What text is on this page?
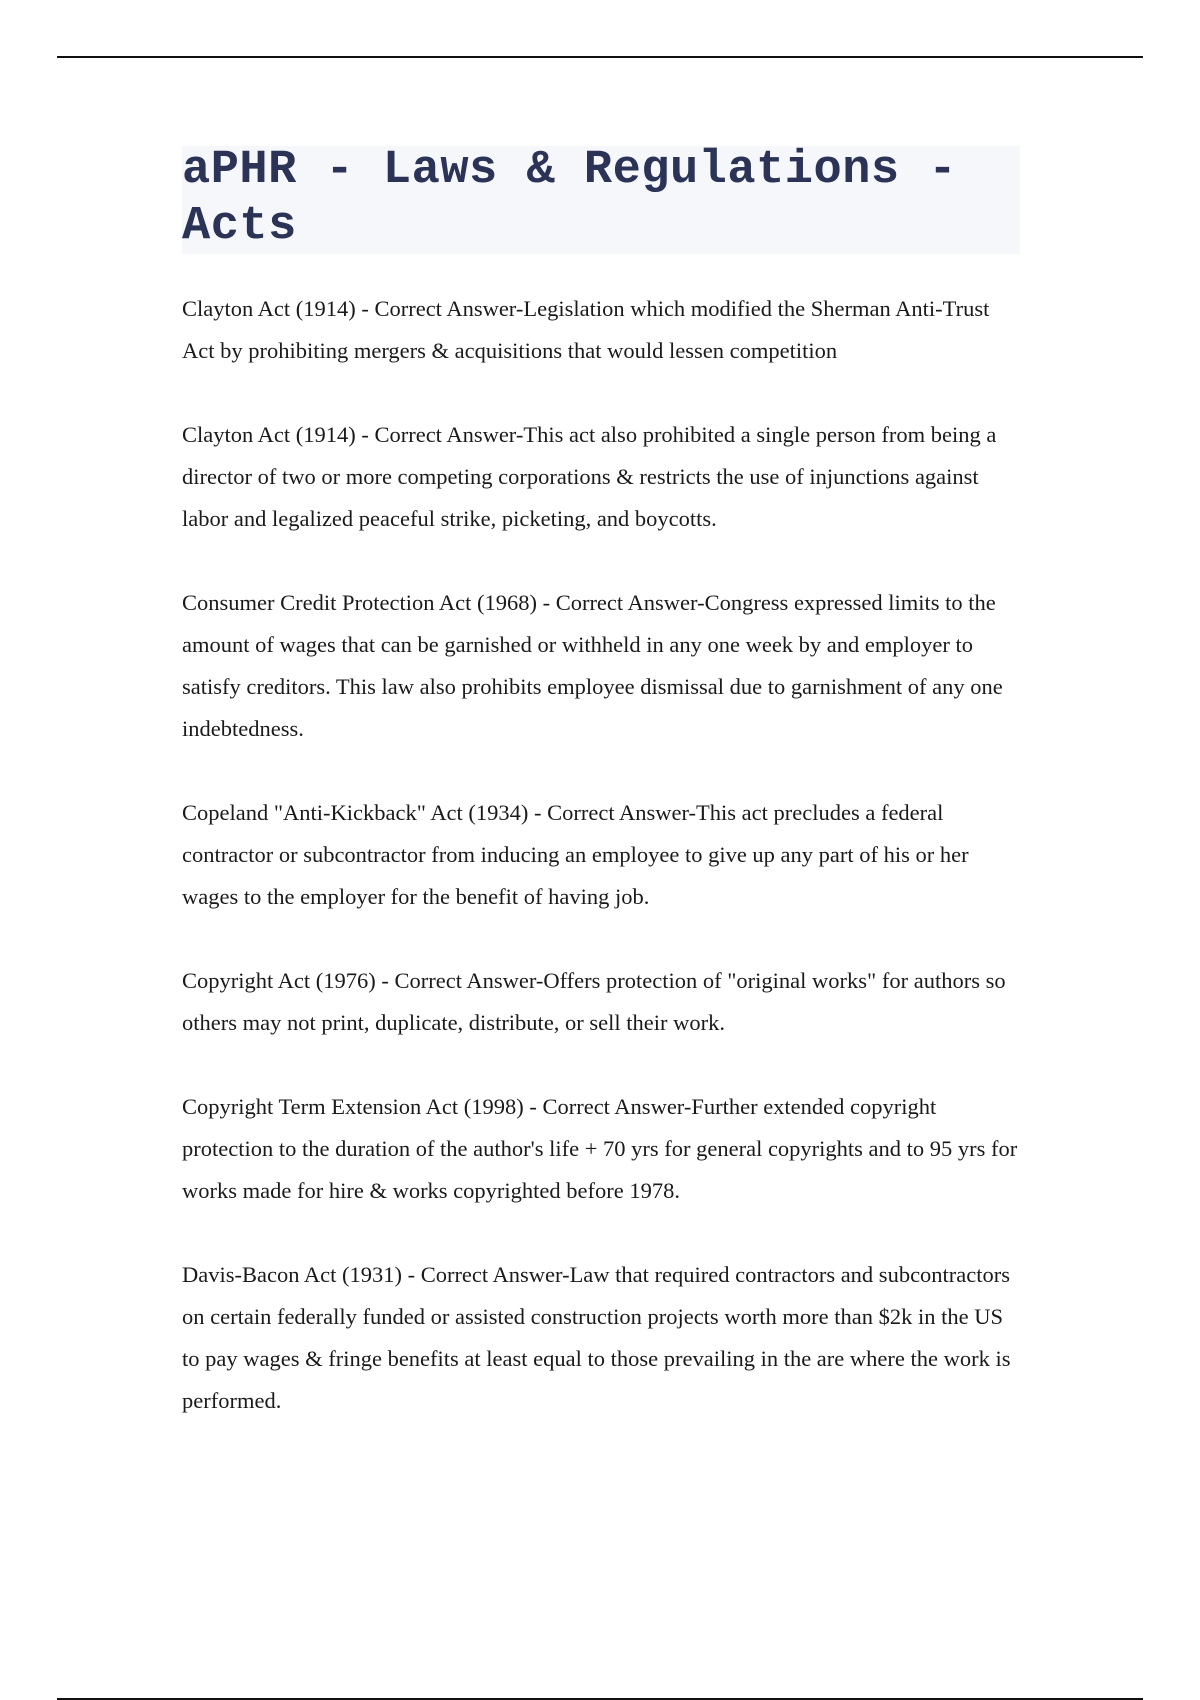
aPHR - Laws & Regulations - Acts

Clayton Act (1914) - Correct Answer-Legislation which modified the Sherman Anti-Trust Act by prohibiting mergers & acquisitions that would lessen competition

Clayton Act (1914) - Correct Answer-This act also prohibited a single person from being a director of two or more competing corporations & restricts the use of injunctions against labor and legalized peaceful strike, picketing, and boycotts.

Consumer Credit Protection Act (1968) - Correct Answer-Congress expressed limits to the amount of wages that can be garnished or withheld in any one week by and employer to satisfy creditors. This law also prohibits employee dismissal due to garnishment of any one indebtedness.

Copeland "Anti-Kickback" Act (1934) - Correct Answer-This act precludes a federal contractor or subcontractor from inducing an employee to give up any part of his or her wages to the employer for the benefit of having job.

Copyright Act (1976) - Correct Answer-Offers protection of "original works" for authors so others may not print, duplicate, distribute, or sell their work.

Copyright Term Extension Act (1998) - Correct Answer-Further extended copyright protection to the duration of the author's life + 70 yrs for general copyrights and to 95 yrs for works made for hire & works copyrighted before 1978.

Davis-Bacon Act (1931) - Correct Answer-Law that required contractors and subcontractors on certain federally funded or assisted construction projects worth more than $2k in the US to pay wages & fringe benefits at least equal to those prevailing in the are where the work is performed.
